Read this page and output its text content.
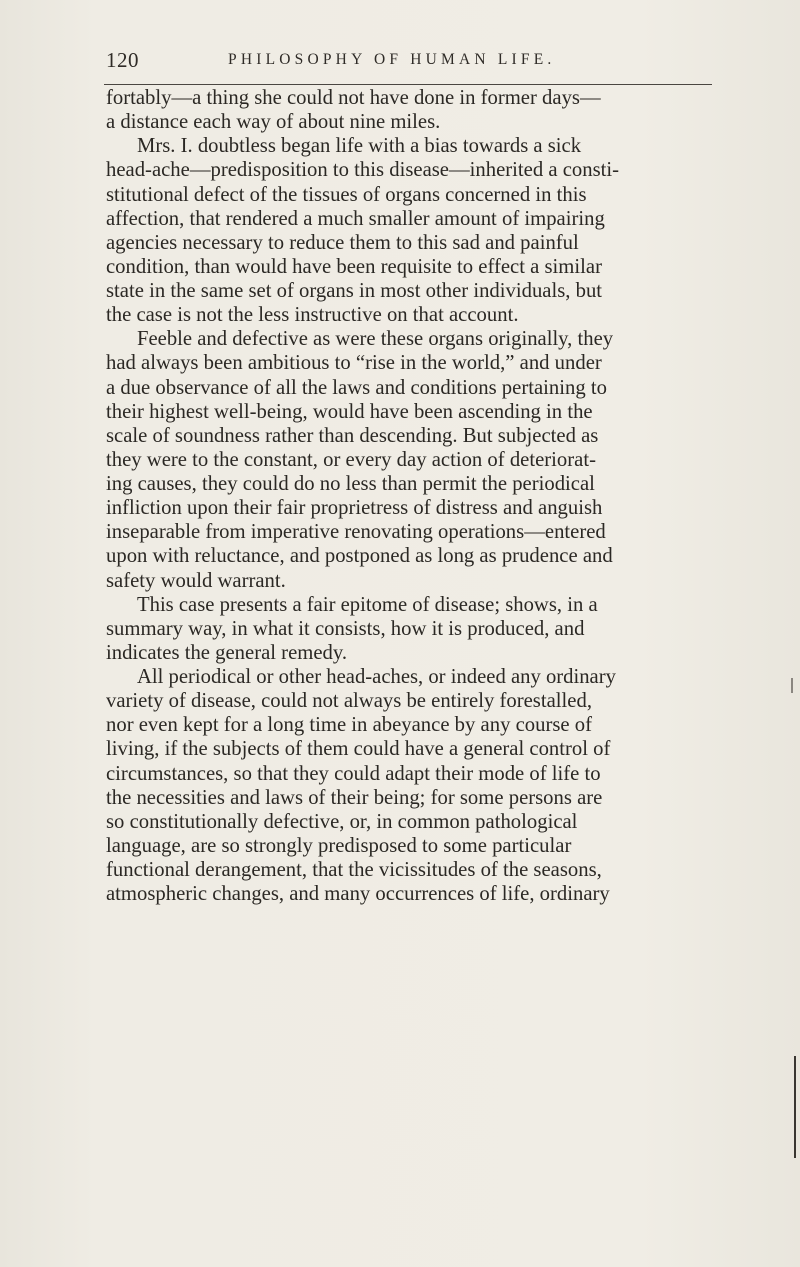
120	PHILOSOPHY OF HUMAN LIFE.
fortably—a thing she could not have done in former days—
a distance each way of about nine miles.
Mrs. I. doubtless began life with a bias towards a sick
head-ache—predisposition to this disease—inherited a consti-
stitutional defect of the tissues of organs concerned in this
affection, that rendered a much smaller amount of impairing
agencies necessary to reduce them to this sad and painful
condition, than would have been requisite to effect a similar
state in the same set of organs in most other individuals, but
the case is not the less instructive on that account.
Feeble and defective as were these organs originally, they
had always been ambitious to “rise in the world,” and under
a due observance of all the laws and conditions pertaining to
their highest well-being, would have been ascending in the
scale of soundness rather than descending. But subjected as
they were to the constant, or every day action of deteriorat-
ing causes, they could do no less than permit the periodical
infliction upon their fair proprietress of distress and anguish
inseparable from imperative renovating operations—entered
upon with reluctance, and postponed as long as prudence and
safety would warrant.
This case presents a fair epitome of disease; shows, in a
summary way, in what it consists, how it is produced, and
indicates the general remedy.
All periodical or other head-aches, or indeed any ordinary
variety of disease, could not always be entirely forestalled,
nor even kept for a long time in abeyance by any course of
living, if the subjects of them could have a general control of
circumstances, so that they could adapt their mode of life to
the necessities and laws of their being; for some persons are
so constitutionally defective, or, in common pathological
language, are so strongly predisposed to some particular
functional derangement, that the vicissitudes of the seasons,
atmospheric changes, and many occurrences of life, ordinary
